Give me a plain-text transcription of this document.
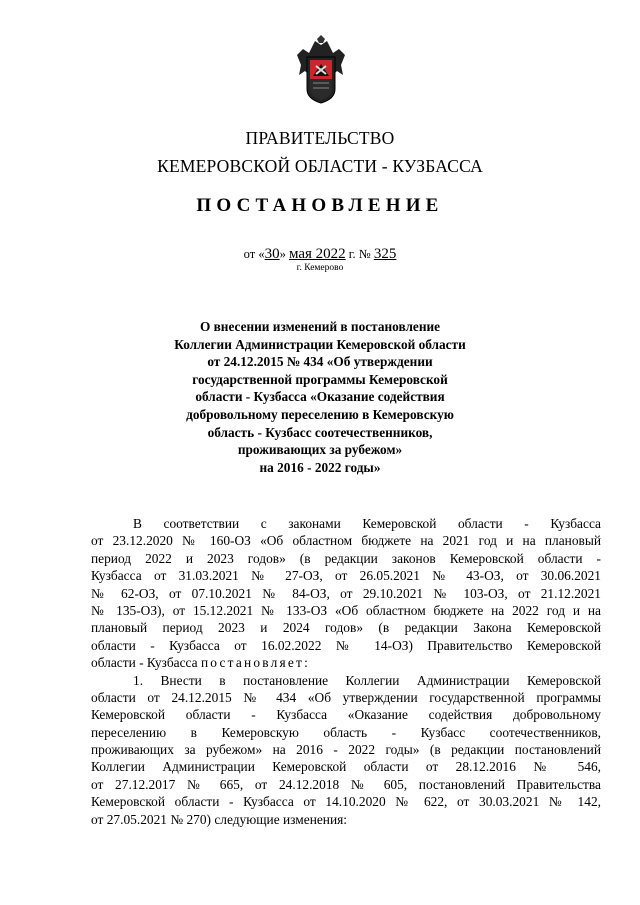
ПРАВИТЕЛЬСТВО
КЕМЕРОВСКОЙ ОБЛАСТИ - КУЗБАССА
ПОСТАНОВЛЕНИЕ
от «30» мая 2022 г. № 325
г. Кемерово
О внесении изменений в постановление
Коллегии Администрации Кемеровской области
от 24.12.2015 № 434 «Об утверждении
государственной программы Кемеровской
области - Кузбасса «Оказание содействия
добровольному переселению в Кемеровскую
область - Кузбасс соотечественников,
проживающих за рубежом»
на 2016 - 2022 годы»
В соответствии с законами Кемеровской области - Кузбасса
от 23.12.2020 № 160-ОЗ «Об областном бюджете на 2021 год и на плановый
период 2022 и 2023 годов» (в редакции законов Кемеровской области -
Кузбасса от 31.03.2021 № 27-ОЗ, от 26.05.2021 № 43-ОЗ, от 30.06.2021
№ 62-ОЗ, от 07.10.2021 № 84-ОЗ, от 29.10.2021 № 103-ОЗ, от 21.12.2021
№ 135-ОЗ), от 15.12.2021 № 133-ОЗ «Об областном бюджете на 2022 год и на
плановый период 2023 и 2024 годов» (в редакции Закона Кемеровской
области - Кузбасса от 16.02.2022 № 14-ОЗ) Правительство Кемеровской
области - Кузбасса постановляет:
1. Внести в постановление Коллегии Администрации Кемеровской
области от 24.12.2015 № 434 «Об утверждении государственной программы
Кемеровской области - Кузбасса «Оказание содействия добровольному
переселению в Кемеровскую область - Кузбасс соотечественников,
проживающих за рубежом» на 2016 - 2022 годы» (в редакции постановлений
Коллегии Администрации Кемеровской области от 28.12.2016 № 546,
от 27.12.2017 № 665, от 24.12.2018 № 605, постановлений Правительства
Кемеровской области - Кузбасса от 14.10.2020 № 622, от 30.03.2021 № 142,
от 27.05.2021 № 270) следующие изменения:
